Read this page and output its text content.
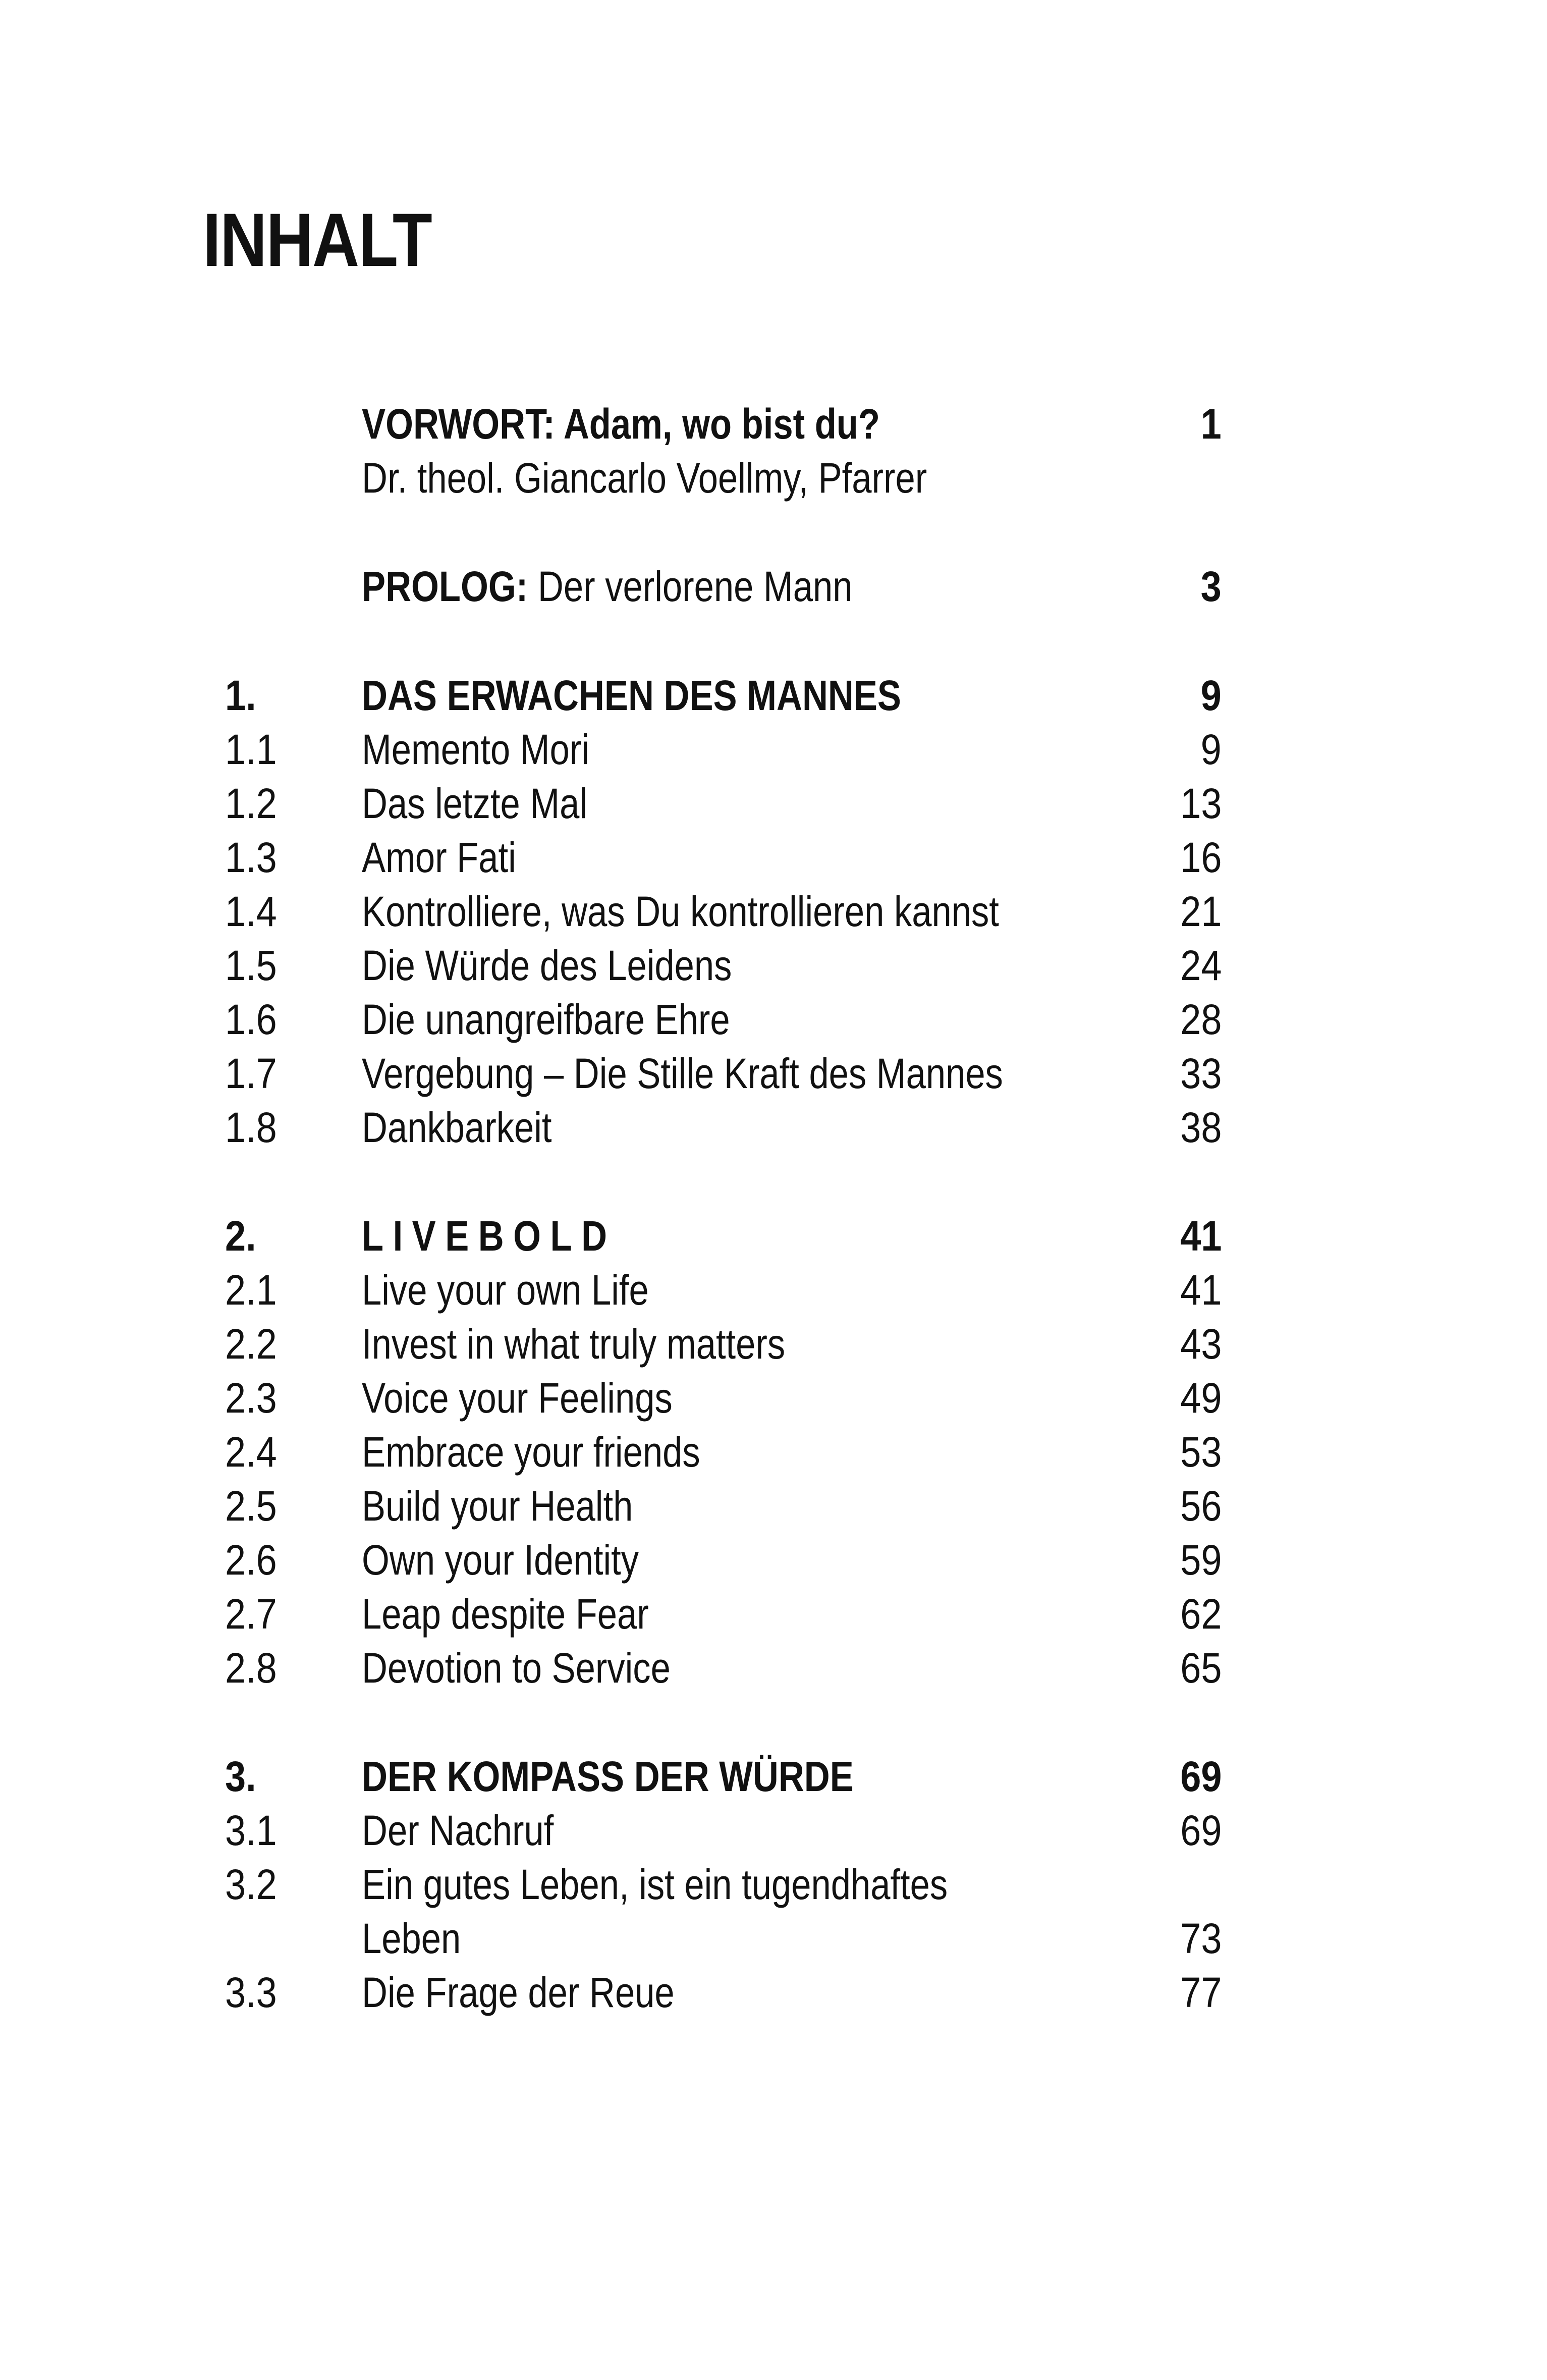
INHALT
VORWORT: Adam, wo bist du?	1
Dr. theol. Giancarlo Voellmy, Pfarrer
PROLOG: Der verlorene Mann	3
1. DAS ERWACHEN DES MANNES	9
1.1 Memento Mori	9
1.2 Das letzte Mal	13
1.3 Amor Fati	16
1.4 Kontrolliere, was Du kontrollieren kannst	21
1.5 Die Würde des Leidens	24
1.6 Die unangreifbare Ehre	28
1.7 Vergebung – Die Stille Kraft des Mannes	33
1.8 Dankbarkeit	38
2. LIVEBOLD	41
2.1 Live your own Life	41
2.2 Invest in what truly matters	43
2.3 Voice your Feelings	49
2.4 Embrace your friends	53
2.5 Build your Health	56
2.6 Own your Identity	59
2.7 Leap despite Fear	62
2.8 Devotion to Service	65
3. DER KOMPASS DER WÜRDE	69
3.1 Der Nachruf	69
3.2 Ein gutes Leben, ist ein tugendhaftes
Leben	73
3.3 Die Frage der Reue	77
